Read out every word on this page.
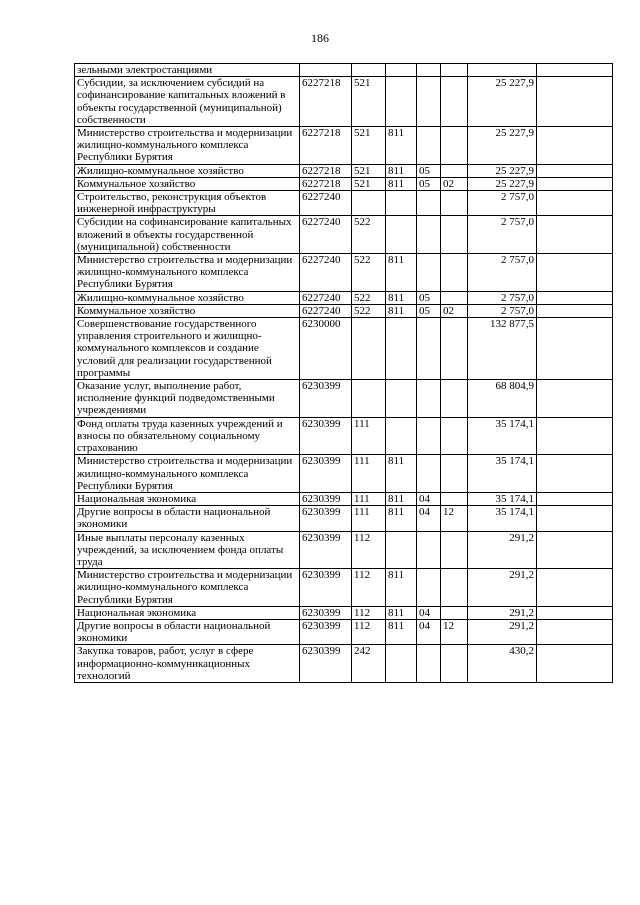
186
зельными электростанциями							
Субсидии, за исключением субсидий на софинансирование капитальных вложений в объекты государственной (муниципальной) собственности	6227218	521				25 227,9	
Министерство строительства и модернизации жилищно-коммунального комплекса Республики Бурятия	6227218	521	811			25 227,9	
Жилищно-коммунальное хозяйство	6227218	521	811	05		25 227,9	
Коммунальное хозяйство	6227218	521	811	05	02	25 227,9	
Строительство, реконструкция объектов инженерной инфраструктуры	6227240					2 757,0	
Субсидии на софинансирование капитальных вложений в объекты государственной (муниципальной) собственности	6227240	522				2 757,0	
Министерство строительства и модернизации жилищно-коммунального комплекса Республики Бурятия	6227240	522	811			2 757,0	
Жилищно-коммунальное хозяйство	6227240	522	811	05		2 757,0	
Коммунальное хозяйство	6227240	522	811	05	02	2 757,0	
Совершенствование государственного управления строительного и жилищно-коммунального комплексов и создание условий для реализации государственной программы	6230000					132 877,5	
Оказание услуг, выполнение работ, исполнение функций подведомственными учреждениями	6230399					68 804,9	
Фонд оплаты труда казенных учреждений и взносы по обязательному социальному страхованию	6230399	111				35 174,1	
Министерство строительства и модернизации жилищно-коммунального комплекса Республики Бурятия	6230399	111	811			35 174,1	
Национальная экономика	6230399	111	811	04		35 174,1	
Другие вопросы в области национальной экономики	6230399	111	811	04	12	35 174,1	
Иные выплаты персоналу казенных учреждений, за исключением фонда оплаты труда	6230399	112				291,2	
Министерство строительства и модернизации жилищно-коммунального комплекса Республики Бурятия	6230399	112	811			291,2	
Национальная экономика	6230399	112	811	04		291,2	
Другие вопросы в области национальной экономики	6230399	112	811	04	12	291,2	
Закупка товаров, работ, услуг в сфере информационно-коммуникационных технологий	6230399	242				430,2	
